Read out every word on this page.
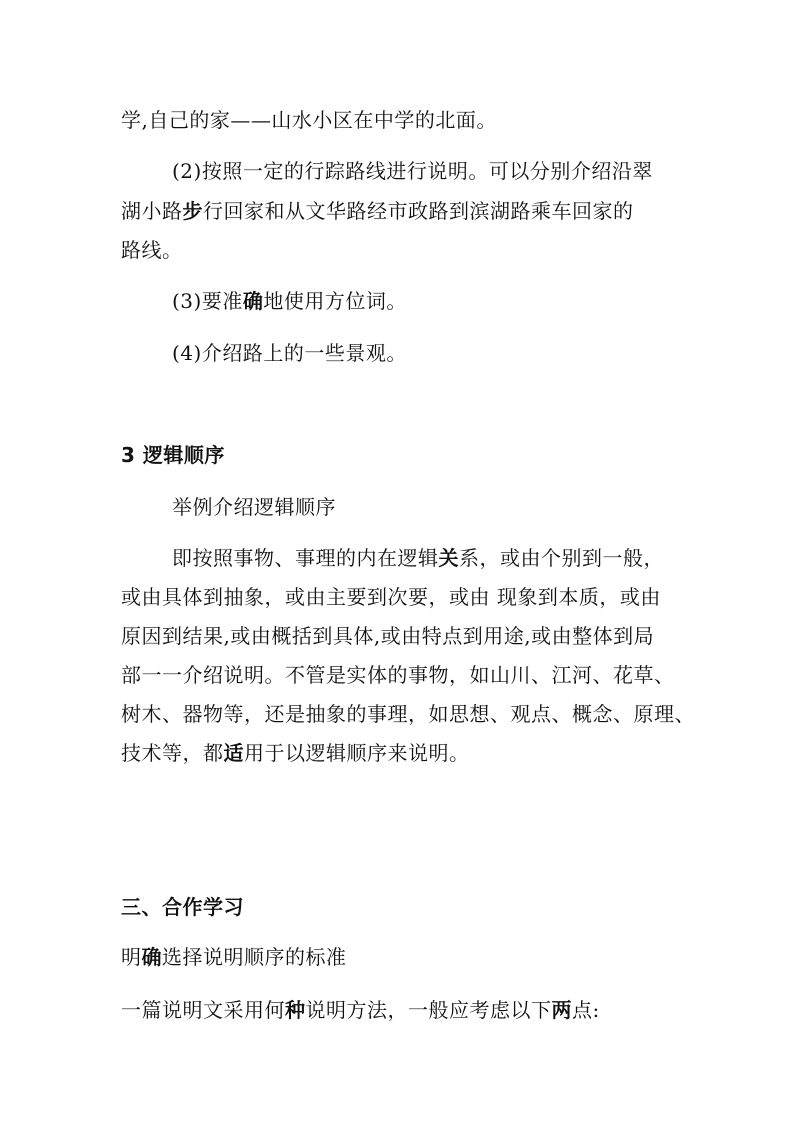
学,自己的家——山水小区在中学的北面。
(2)按照一定的行踪路线进行说明。可以分别介绍沿翠
湖小路步行回家和从文华路经市政路到滨湖路乘车回家的
路线。
(3)要准确地使用方位词。
(4)介绍路上的一些景观。
3 逻辑顺序
举例介绍逻辑顺序
即按照事物、事理的内在逻辑关系，或由个别到一般，
或由具体到抽象，或由主要到次要，或由 现象到本质，或由
原因到结果,或由概括到具体,或由特点到用途,或由整体到局
部一一介绍说明。不管是实体的事物，如山川、江河、花草、
树木、器物等，还是抽象的事理，如思想、观点、概念、原理、
技术等，都适用于以逻辑顺序来说明。
三、合作学习
明确选择说明顺序的标准
一篇说明文采用何种说明方法，一般应考虑以下两点:
